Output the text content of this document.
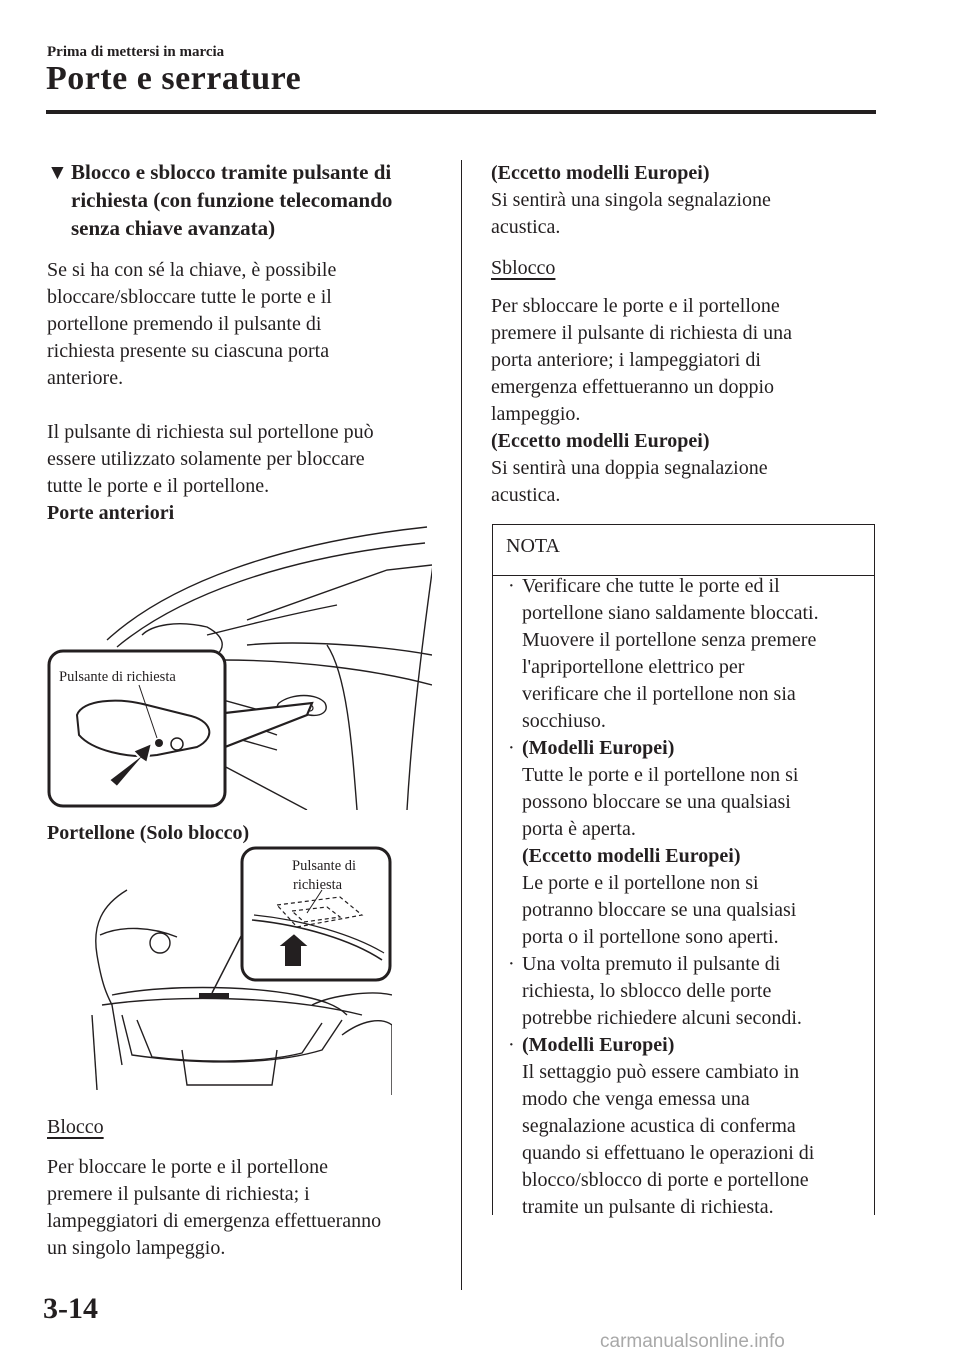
Prima di mettersi in marcia
Porte e serrature
▼ Blocco e sblocco tramite pulsante di
richiesta (con funzione telecomando
senza chiave avanzata)
Se si ha con sé la chiave, è possibile
bloccare/sbloccare tutte le porte e il
portellone premendo il pulsante di
richiesta presente su ciascuna porta
anteriore.
Il pulsante di richiesta sul portellone può
essere utilizzato solamente per bloccare
tutte le porte e il portellone.
Porte anteriori
Pulsante di richiesta
Portellone (Solo blocco)
Pulsante di
richiesta
Blocco
Per bloccare le porte e il portellone
premere il pulsante di richiesta; i
lampeggiatori di emergenza effettueranno
un singolo lampeggio.
(Eccetto modelli Europei)
Si sentirà una singola segnalazione
acustica.
Sblocco
Per sbloccare le porte e il portellone
premere il pulsante di richiesta di una
porta anteriore; i lampeggiatori di
emergenza effettueranno un doppio
lampeggio.
(Eccetto modelli Europei)
Si sentirà una doppia segnalazione
acustica.
NOTA
· Verificare che tutte le porte ed il
portellone siano saldamente bloccati.
Muovere il portellone senza premere
l'apriportellone elettrico per
verificare che il portellone non sia
socchiuso.
· (Modelli Europei)
Tutte le porte e il portellone non si
possono bloccare se una qualsiasi
porta è aperta.
(Eccetto modelli Europei)
Le porte e il portellone non si
potranno bloccare se una qualsiasi
porta o il portellone sono aperti.
· Una volta premuto il pulsante di
richiesta, lo sblocco delle porte
potrebbe richiedere alcuni secondi.
· (Modelli Europei)
Il settaggio può essere cambiato in
modo che venga emessa una
segnalazione acustica di conferma
quando si effettuano le operazioni di
blocco/sblocco di porte e portellone
tramite un pulsante di richiesta.
3-14
carmanualsonline.info
